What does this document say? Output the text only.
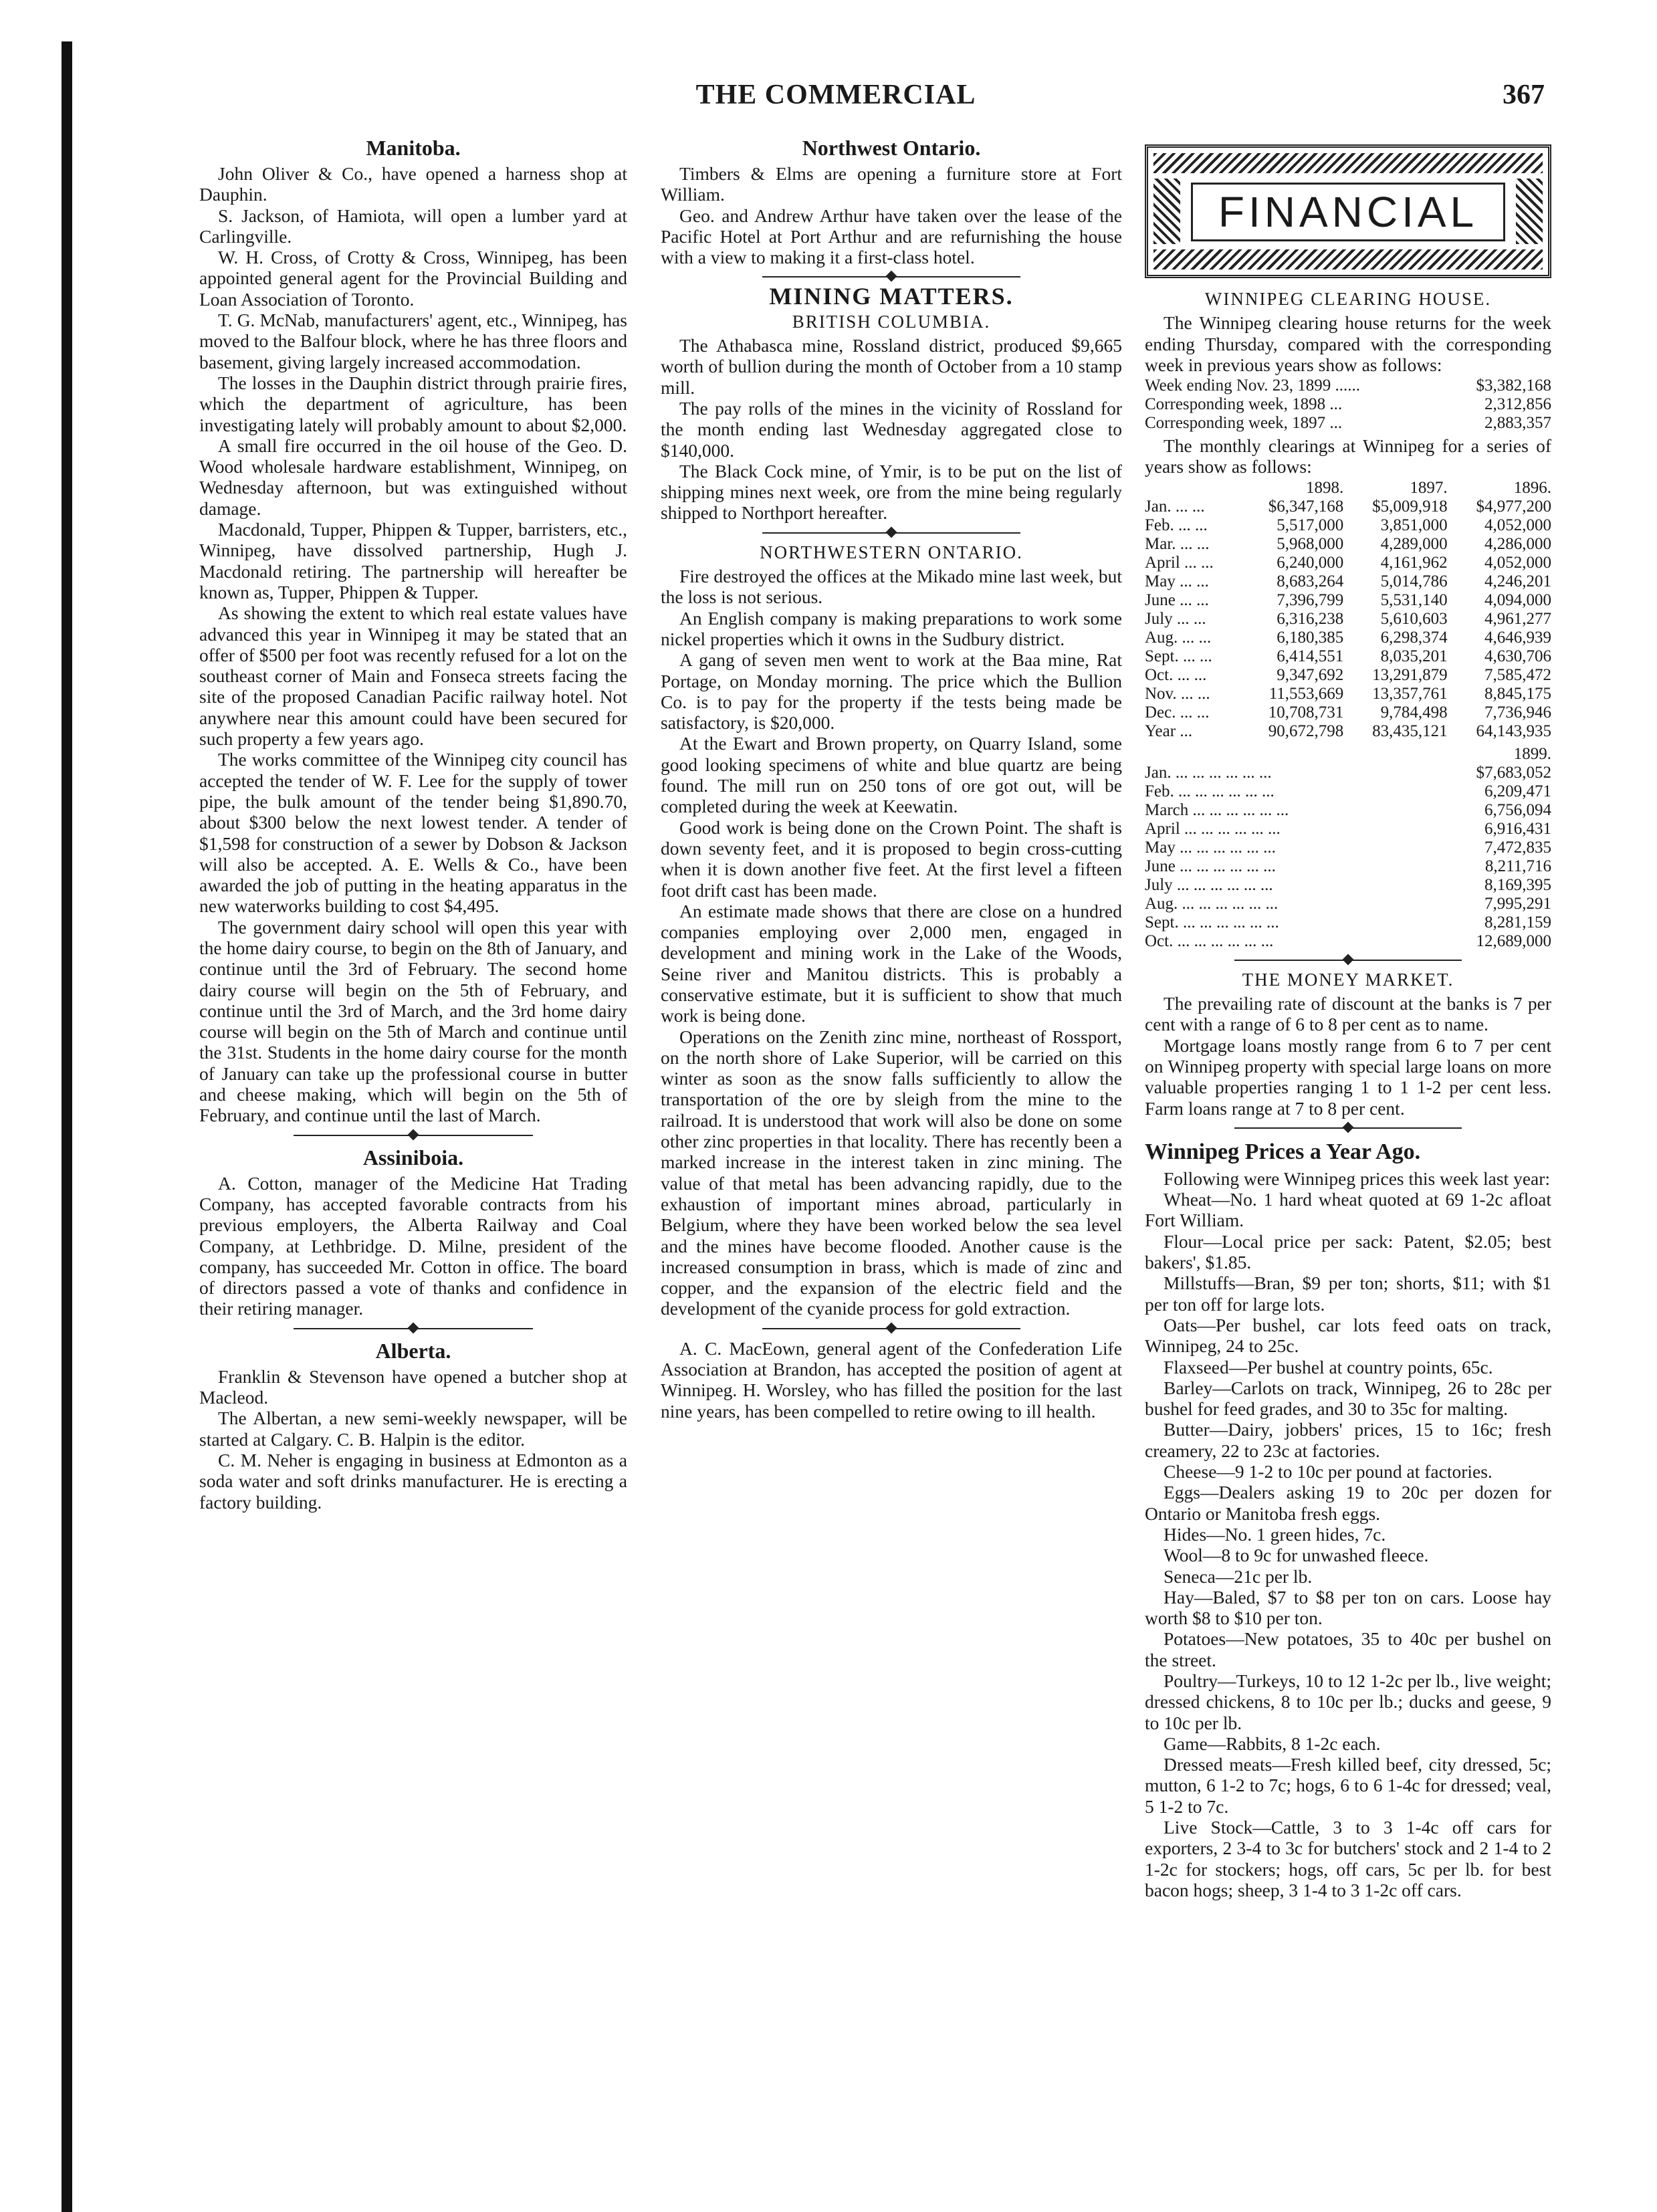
THE COMMERCIAL	367
Manitoba.

John Oliver & Co., have opened a harness shop at Dauphin.

S. Jackson, of Hamiota, will open a lumber yard at Carlingville.

W. H. Cross, of Crotty & Cross, Winnipeg, has been appointed general agent for the Provincial Building and Loan Association of Toronto.

T. G. McNab, manufacturers' agent, etc., Winnipeg, has moved to the Balfour block, where he has three floors and basement, giving largely increased accommodation.

The losses in the Dauphin district through prairie fires, which the department of agriculture, has been investigating lately will probably amount to about $2,000.

A small fire occurred in the oil house of the Geo. D. Wood wholesale hardware establishment, Winnipeg, on Wednesday afternoon, but was extinguished without damage.

Macdonald, Tupper, Phippen & Tupper, barristers, etc., Winnipeg, have dissolved partnership, Hugh J. Macdonald retiring. The partnership will hereafter be known as, Tupper, Phippen & Tupper.

As showing the extent to which real estate values have advanced this year in Winnipeg it may be stated that an offer of $500 per foot was recently refused for a lot on the southeast corner of Main and Fonseca streets facing the site of the proposed Canadian Pacific railway hotel. Not anywhere near this amount could have been secured for such property a few years ago.

The works committee of the Winnipeg city council has accepted the tender of W. F. Lee for the supply of tower pipe, the bulk amount of the tender being $1,890.70, about $300 below the next lowest tender. A tender of $1,598 for construction of a sewer by Dobson & Jackson will also be accepted. A. E. Wells & Co., have been awarded the job of putting in the heating apparatus in the new waterworks building to cost $4,495.

The government dairy school will open this year with the home dairy course, to begin on the 8th of January, and continue until the 3rd of February. The second home dairy course will begin on the 5th of February, and continue until the 3rd of March, and the 3rd home dairy course will begin on the 5th of March and continue until the 31st. Students in the home dairy course for the month of January can take up the professional course in butter and cheese making, which will begin on the 5th of February, and continue until the last of March.

Assiniboia.

A. Cotton, manager of the Medicine Hat Trading Company, has accepted favorable contracts from his previous employers, the Alberta Railway and Coal Company, at Lethbridge. D. Milne, president of the company, has succeeded Mr. Cotton in office. The board of directors passed a vote of thanks and confidence in their retiring manager.

Alberta.

Franklin & Stevenson have opened a butcher shop at Macleod.

The Albertan, a new semi-weekly newspaper, will be started at Calgary. C. B. Halpin is the editor.

C. M. Neher is engaging in business at Edmonton as a soda water and soft drinks manufacturer. He is erecting a factory building.

Northwest Ontario.

Timbers & Elms are opening a furniture store at Fort William.

Geo. and Andrew Arthur have taken over the lease of the Pacific Hotel at Port Arthur and are refurnishing the house with a view to making it a first-class hotel.

MINING MATTERS.
BRITISH COLUMBIA.

The Athabasca mine, Rossland district, produced $9,665 worth of bullion during the month of October from a 10 stamp mill.

The pay rolls of the mines in the vicinity of Rossland for the month ending last Wednesday aggregated close to $140,000.

The Black Cock mine, of Ymir, is to be put on the list of shipping mines next week, ore from the mine being regularly shipped to Northport hereafter.

NORTHWESTERN ONTARIO.

Fire destroyed the offices at the Mikado mine last week, but the loss is not serious.

An English company is making preparations to work some nickel properties which it owns in the Sudbury district.

A gang of seven men went to work at the Baa mine, Rat Portage, on Monday morning. The price which the Bullion Co. is to pay for the property if the tests being made be satisfactory, is $20,000.

At the Ewart and Brown property, on Quarry Island, some good looking specimens of white and blue quartz are being found. The mill run on 250 tons of ore got out, will be completed during the week at Keewatin.

Good work is being done on the Crown Point. The shaft is down seventy feet, and it is proposed to begin cross-cutting when it is down another five feet. At the first level a fifteen foot drift cast has been made.

An estimate made shows that there are close on a hundred companies employing over 2,000 men, engaged in development and mining work in the Lake of the Woods, Seine river and Manitou districts. This is probably a conservative estimate, but it is sufficient to show that much work is being done.

Operations on the Zenith zinc mine, northeast of Rossport, on the north shore of Lake Superior, will be carried on this winter as soon as the snow falls sufficiently to allow the transportation of the ore by sleigh from the mine to the railroad. It is understood that work will also be done on some other zinc properties in that locality. There has recently been a marked increase in the interest taken in zinc mining. The value of that metal has been advancing rapidly, due to the exhaustion of important mines abroad, particularly in Belgium, where they have been worked below the sea level and the mines have become flooded. Another cause is the increased consumption in brass, which is made of zinc and copper, and the expansion of the electric field and the development of the cyanide process for gold extraction.

A. C. MacEown, general agent of the Confederation Life Association at Brandon, has accepted the position of agent at Winnipeg. H. Worsley, who has filled the position for the last nine years, has been compelled to retire owing to ill health.

FINANCIAL
WINNIPEG CLEARING HOUSE.

The Winnipeg clearing house returns for the week ending Thursday, compared with the corresponding week in previous years show as follows:

Week ending Nov. 23, 1899 ......	$3,382,168
Corresponding week, 1898 ...	2,312,856
Corresponding week, 1897 ...	2,883,357

The monthly clearings at Winnipeg for a series of years show as follows:

	1898.	1897.	1896.
Jan. ... ...	$6,347,168	$5,009,918	$4,977,200
Feb. ... ...	5,517,000	3,851,000	4,052,000
Mar. ... ...	5,968,000	4,289,000	4,286,000
April ... ...	6,240,000	4,161,962	4,052,000
May ... ...	8,683,264	5,014,786	4,246,201
June ... ...	7,396,799	5,531,140	4,094,000
July ... ...	6,316,238	5,610,603	4,961,277
Aug. ... ...	6,180,385	6,298,374	4,646,939
Sept. ... ...	6,414,551	8,035,201	4,630,706
Oct. ... ...	9,347,692	13,291,879	7,585,472
Nov. ... ...	11,553,669	13,357,761	8,845,175
Dec. ... ...	10,708,731	9,784,498	7,736,946
Year ...	90,672,798	83,435,121	64,143,935
	1899.
Jan. ... ... ... ... ... ...	$7,683,052
Feb. ... ... ... ... ... ...	6,209,471
March ... ... ... ... ... ...	6,756,094
April ... ... ... ... ... ...	6,916,431
May ... ... ... ... ... ...	7,472,835
June ... ... ... ... ... ...	8,211,716
July ... ... ... ... ... ...	8,169,395
Aug. ... ... ... ... ... ...	7,995,291
Sept. ... ... ... ... ... ...	8,281,159
Oct. ... ... ... ... ... ...	12,689,000
THE MONEY MARKET.

The prevailing rate of discount at the banks is 7 per cent with a range of 6 to 8 per cent as to name.

Mortgage loans mostly range from 6 to 7 per cent on Winnipeg property with special large loans on more valuable properties ranging 1 to 1 1-2 per cent less. Farm loans range at 7 to 8 per cent.

Winnipeg Prices a Year Ago.

Following were Winnipeg prices this week last year:

Wheat—No. 1 hard wheat quoted at 69 1-2c afloat Fort William.

Flour—Local price per sack: Patent, $2.05; best bakers', $1.85.

Millstuffs—Bran, $9 per ton; shorts, $11; with $1 per ton off for large lots.

Oats—Per bushel, car lots feed oats on track, Winnipeg, 24 to 25c.

Flaxseed—Per bushel at country points, 65c.

Barley—Carlots on track, Winnipeg, 26 to 28c per bushel for feed grades, and 30 to 35c for malting.

Butter—Dairy, jobbers' prices, 15 to 16c; fresh creamery, 22 to 23c at factories.

Cheese—9 1-2 to 10c per pound at factories.

Eggs—Dealers asking 19 to 20c per dozen for Ontario or Manitoba fresh eggs.

Hides—No. 1 green hides, 7c.

Wool—8 to 9c for unwashed fleece.

Seneca—21c per lb.

Hay—Baled, $7 to $8 per ton on cars. Loose hay worth $8 to $10 per ton.

Potatoes—New potatoes, 35 to 40c per bushel on the street.

Poultry—Turkeys, 10 to 12 1-2c per lb., live weight; dressed chickens, 8 to 10c per lb.; ducks and geese, 9 to 10c per lb.

Game—Rabbits, 8 1-2c each.

Dressed meats—Fresh killed beef, city dressed, 5c; mutton, 6 1-2 to 7c; hogs, 6 to 6 1-4c for dressed; veal, 5 1-2 to 7c.

Live Stock—Cattle, 3 to 3 1-4c off cars for exporters, 2 3-4 to 3c for butchers' stock and 2 1-4 to 2 1-2c for stockers; hogs, off cars, 5c per lb. for best bacon hogs; sheep, 3 1-4 to 3 1-2c off cars.
